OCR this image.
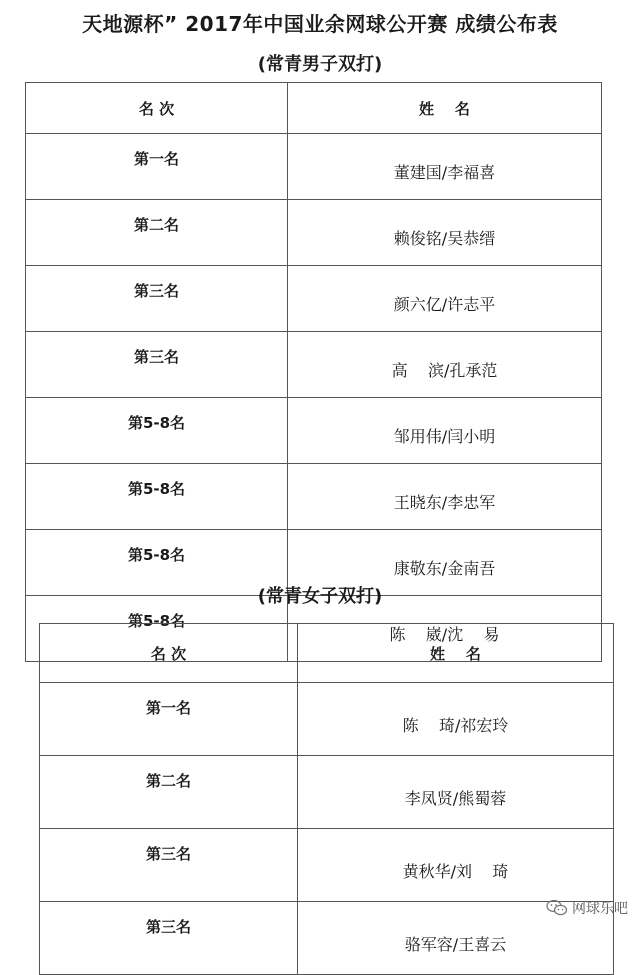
天地源杯” 2017年中国业余网球公开赛 成绩公布表
(常青男子双打)
名 次	姓    名
第一名	董建国/李福喜
第二名	赖俊铭/吴恭缙
第三名	颜六亿/许志平
第三名	高    滨/孔承范
第5-8名	邹用伟/闫小明
第5-8名	王晓东/李忠军
第5-8名	康敬东/金南吾
第5-8名	陈    崴/沈    易
(常青女子双打)
名 次	姓    名
第一名	陈    琦/祁宏玲
第二名	李凤贤/熊蜀蓉
第三名	黄秋华/刘    琦
第三名	骆军容/王喜云
网球乐吧
